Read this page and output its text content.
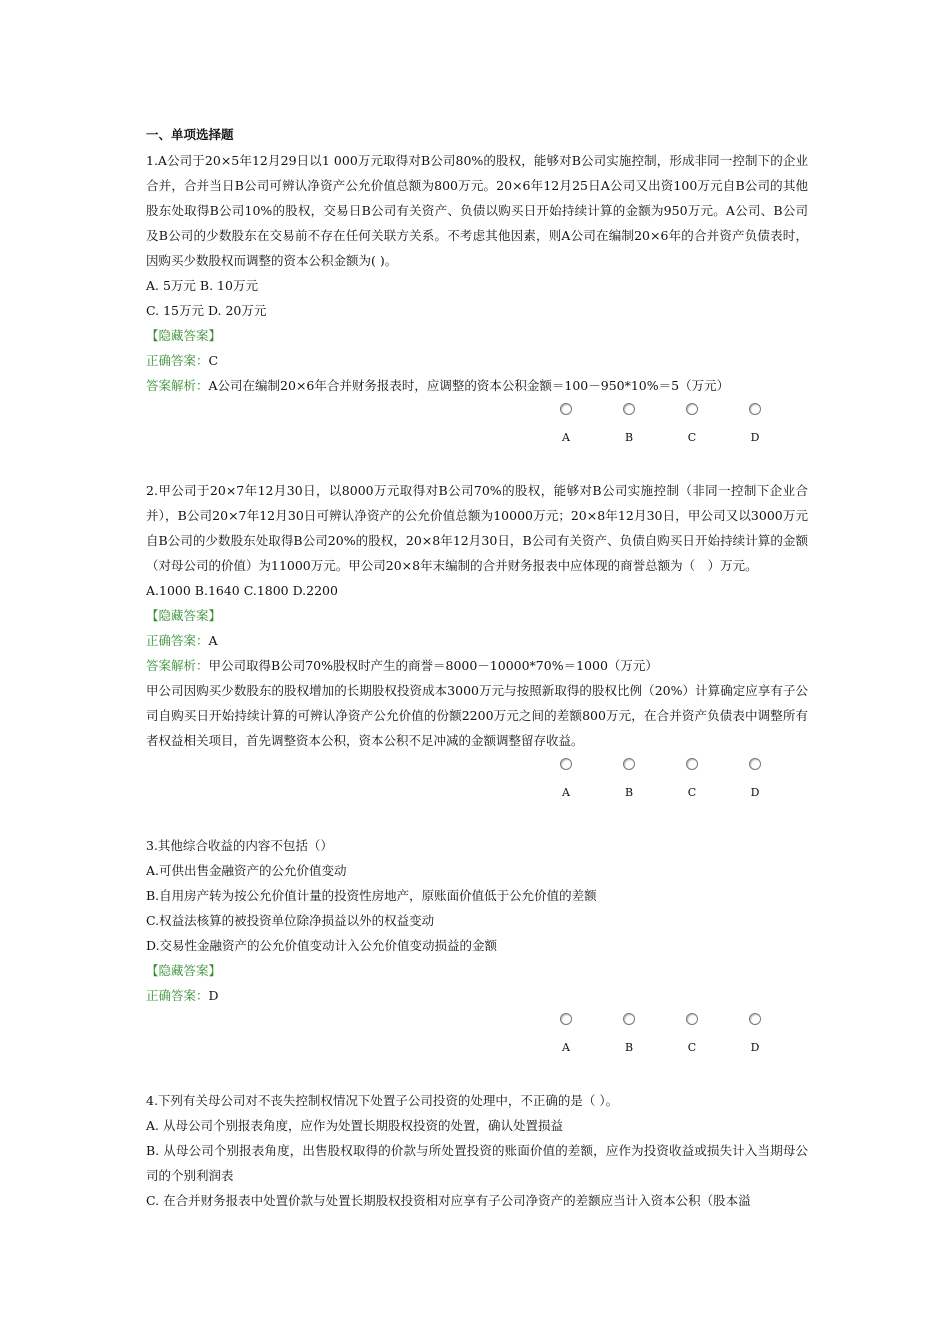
一、单项选择题

1.A公司于20×5年12月29日以1 000万元取得对B公司80%的股权，能够对B公司实施控制，形成非同一控制下的企业合并，合并当日B公司可辨认净资产公允价值总额为800万元。20×6年12月25日A公司又出资100万元自B公司的其他股东处取得B公司10%的股权，交易日B公司有关资产、负债以购买日开始持续计算的金额为950万元。A公司、B公司及B公司的少数股东在交易前不存在任何关联方关系。不考虑其他因素，则A公司在编制20×6年的合并资产负债表时，因购买少数股权而调整的资本公积金额为( )。

A. 5万元 B. 10万元

C. 15万元 D. 20万元

【隐藏答案】

正确答案：C

答案解析：A公司在编制20×6年合并财务报表时，应调整的资本公积金额＝100－950*10%＝5（万元）

A	B	C	D

2.甲公司于20×7年12月30日，以8000万元取得对B公司70%的股权，能够对B公司实施控制（非同一控制下企业合并），B公司20×7年12月30日可辨认净资产的公允价值总额为10000万元；20×8年12月30日，甲公司又以3000万元自B公司的少数股东处取得B公司20%的股权，20×8年12月30日，B公司有关资产、负债自购买日开始持续计算的金额（对母公司的价值）为11000万元。甲公司20×8年末编制的合并财务报表中应体现的商誉总额为（　）万元。

A.1000 B.1640 C.1800 D.2200

【隐藏答案】

正确答案：A

答案解析：甲公司取得B公司70%股权时产生的商誉＝8000－10000*70%＝1000（万元）

甲公司因购买少数股东的股权增加的长期股权投资成本3000万元与按照新取得的股权比例（20%）计算确定应享有子公司自购买日开始持续计算的可辨认净资产公允价值的份额2200万元之间的差额800万元，在合并资产负债表中调整所有者权益相关项目，首先调整资本公积，资本公积不足冲减的金额调整留存收益。

A	B	C	D

3.其他综合收益的内容不包括（）

A.可供出售金融资产的公允价值变动

B.自用房产转为按公允价值计量的投资性房地产，原账面价值低于公允价值的差额

C.权益法核算的被投资单位除净损益以外的权益变动

D.交易性金融资产的公允价值变动计入公允价值变动损益的金额

【隐藏答案】

正确答案：D

A	B	C	D

4.下列有关母公司对不丧失控制权情况下处置子公司投资的处理中，不正确的是（ ）。

A. 从母公司个别报表角度，应作为处置长期股权投资的处置，确认处置损益

B. 从母公司个别报表角度，出售股权取得的价款与所处置投资的账面价值的差额，应作为投资收益或损失计入当期母公司的个别利润表

C. 在合并财务报表中处置价款与处置长期股权投资相对应享有子公司净资产的差额应当计入资本公积（股本溢
